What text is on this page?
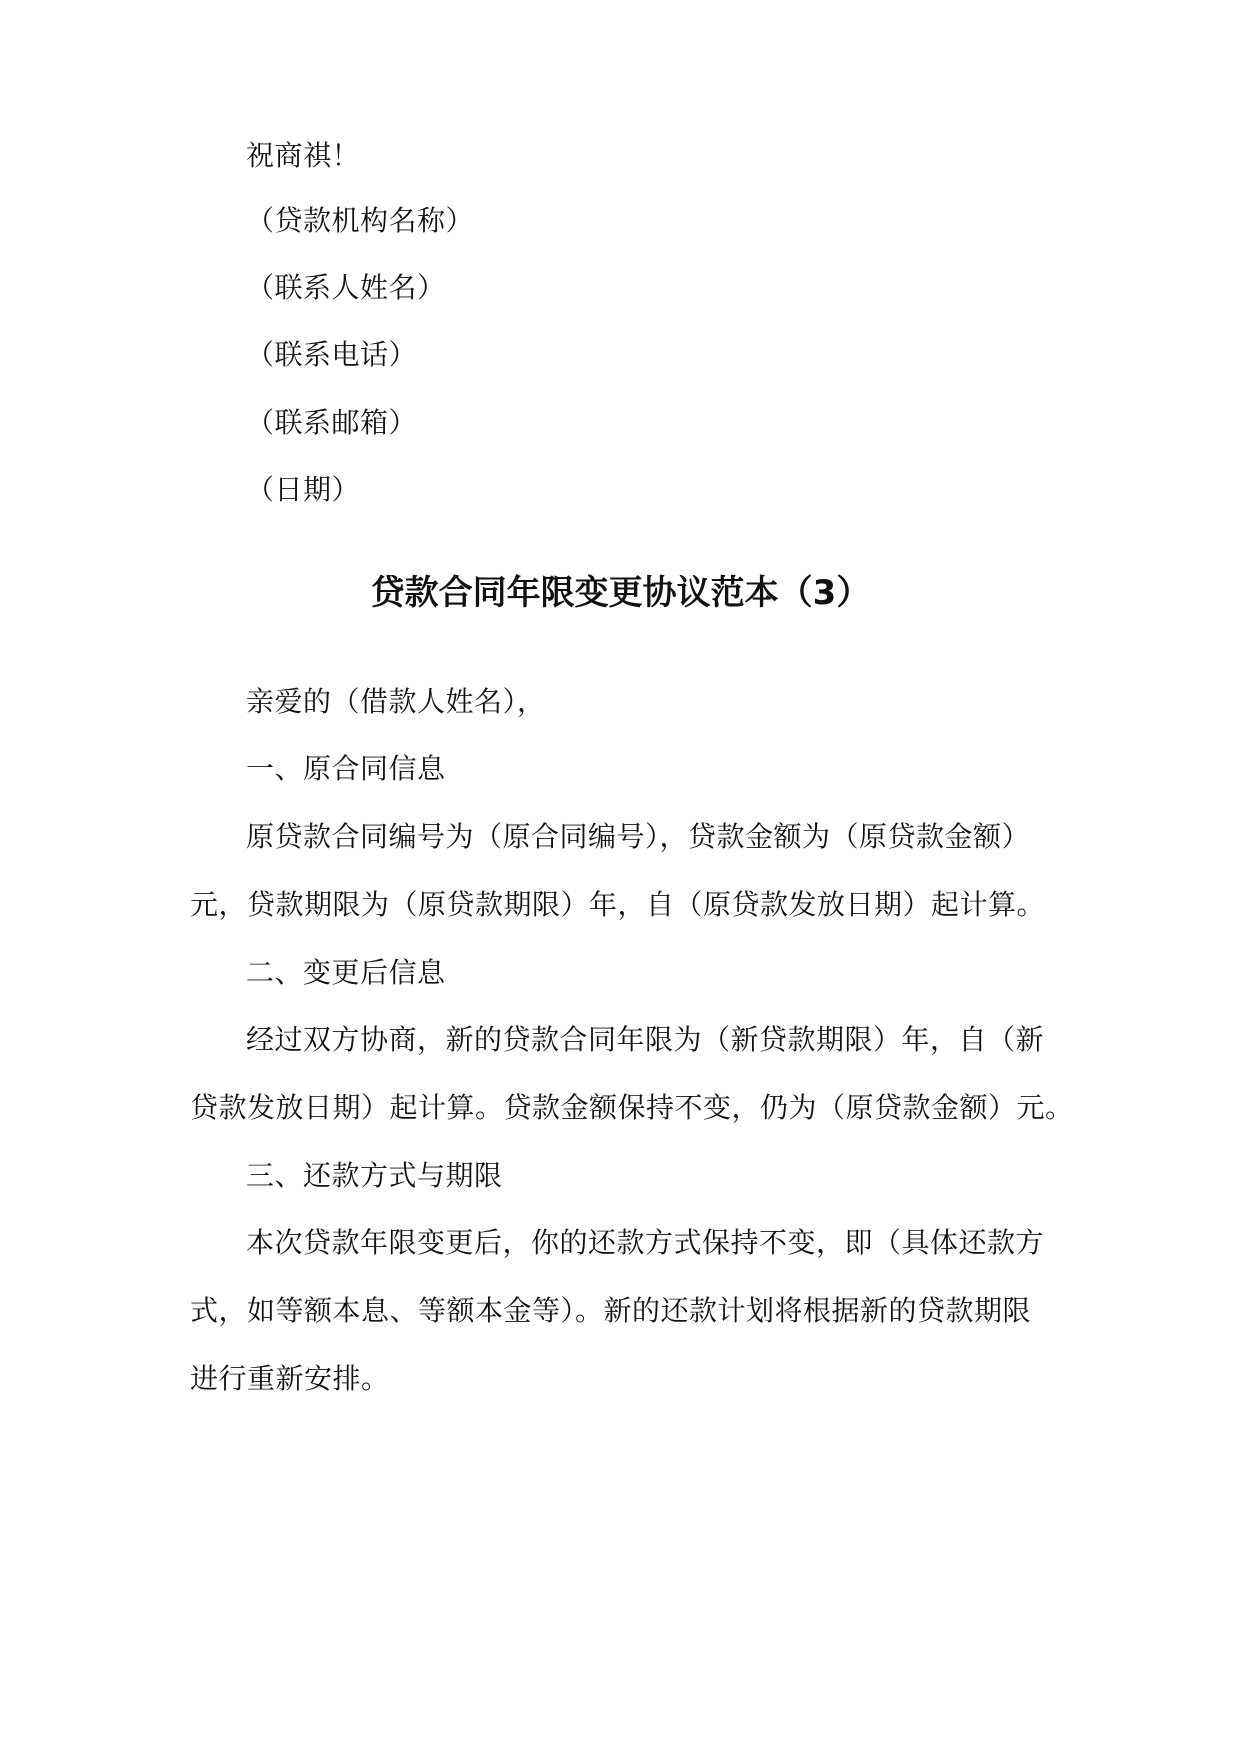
祝商祺！
（贷款机构名称）
（联系人姓名）
（联系电话）
（联系邮箱）
（日期）
贷款合同年限变更协议范本（3）
亲爱的（借款人姓名），
一、原合同信息
原贷款合同编号为（原合同编号），贷款金额为（原贷款金额）
元，贷款期限为（原贷款期限）年，自（原贷款发放日期）起计算。
二、变更后信息
经过双方协商，新的贷款合同年限为（新贷款期限）年，自（新
贷款发放日期）起计算。贷款金额保持不变，仍为（原贷款金额）元。
三、还款方式与期限
本次贷款年限变更后，你的还款方式保持不变，即（具体还款方
式，如等额本息、等额本金等）。新的还款计划将根据新的贷款期限
进行重新安排。
